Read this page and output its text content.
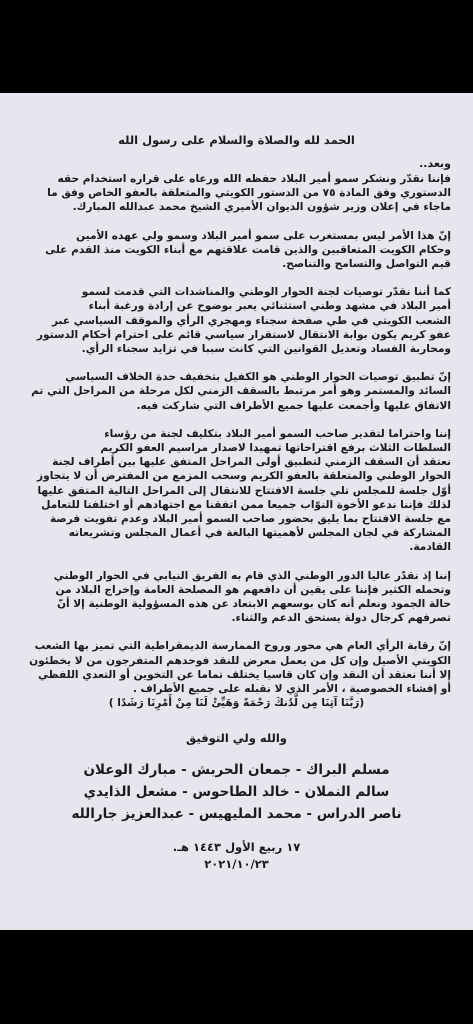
الحمد لله والصلاة والسلام على رسول الله

وبعد..

فإننا نقدّر ونشكر سمو أمير البلاد حفظه الله ورعاه على قراره استخدام حقه
الدستوري وفق المادة ٧٥ من الدستور الكويتي والمتعلقة بالعفو الخاص وفق ما
ماجاء في إعلان وزير شؤون الديوان الأميري الشيخ محمد عبدالله المبارك.

إنّ هذا الأمر ليس بمستغرب على سمو أمير البلاد وسمو ولي عهده الأمين
وحكام الكويت المتعاقبين والذين قامت علاقتهم مع أبناء الكويت منذ القدم على
قيم التواصل والتسامح والتناصح.

كما أننا نقدّر توصيات لجنة الحوار الوطني والمناشدات التي قدمت لسمو
أمير البلاد في مشهد وطني استثنائي يعبر بوضوح عن إرادة ورغبة أبناء
الشعب الكويتي في طي صفحة سجناء ومهجري الرأي والموقف السياسي عبر
عفو كريم يكون بوابة الانتقال لاستقرار سياسي قائم على احترام أحكام الدستور
ومحاربة الفساد وتعديل القوانين التي كانت سببا في تزايد سجناء الرأي.

إنّ تطبيق توصيات الحوار الوطني هو الكفيل بتخفيف حدة الخلاف السياسي
السائد والمستمر وهو أمر مرتبط بالسقف الزمني لكل مرحلة من المراحل التي تم
الاتفاق عليها وأجمعت عليها جميع الأطراف التي شاركت فيه.

إننا واحتراما لتقدير صاحب السمو أمير البلاد بتكليف لجنة من رؤساء
السلطات الثلاث برفع اقتراحاتها تمهيدا لاصدار مراسيم العفو الكريم
نعتقد أن السقف الزمني لتطبيق أولى المراحل المتفق عليها بين أطراف لجنة
الحوار الوطني والمتعلقة بالعفو الكريم وسحب المزمع من المفترض أن لا يتجاوز
أوّل جلسة للمجلس تلي جلسة الافتتاح للانتقال إلى المراحل التالية المتفق عليها
لذلك فإننا ندعو الأخوة النوّاب جميعا ممن اتفقنا مع اجتهادهم أو اختلفنا للتعامل
مع جلسة الافتتاح بما يليق بحضور صاحب السمو أمير البلاد وعدم تفويت فرصة
المشاركة في لجان المجلس لأهميتها البالغة في أعمال المجلس وتشريعاته
القادمة.

إننا إذ نقدّر عاليا الدور الوطني الذي قام به الفريق النيابي في الحوار الوطني
وتحمله الكثير فإننا على يقين أن دافعهم هو المصلحة العامة وإخراج البلاد من
حالة الجمود ونعلم أنه كان بوسعهم الابتعاد عن هذه المسؤولية الوطنية إلا أنّ
تصرفهم كرجال دولة يستحق الدعم والثناء.

إنّ رقابة الرأي العام هي محور وروح الممارسة الديمقراطية التي تميز بها الشعب
الكويتي الأصيل وإن كل من يعمل معرض للنقد فوحدهم المتفرجون من لا يخطئون
إلا أننا نعتقد أن النقد وإن كان قاسيا يختلف تماما عن التخوين أو التعدي اللفظي
أو إفشاء الخصوصية ، الأمر الذي لا نقبله على جميع الأطراف .
(رَبَّنَا آتِنَا مِن لَّدُنكَ رَحْمَةً وَهَيِّئْ لَنَا مِنْ أَمْرِنَا رَشَدًا )

والله ولي التوفيق

مسلم البراك - جمعان الحربش - مبارك الوعلان
سالم النملان - خالد الطاحوس - مشعل الذايدي
ناصر الدراس - محمد المليهيس - عبدالعزيز جارالله
١٧ ربيع الأول ١٤٤٣ هـ.
٢٠٢١/١٠/٢٣
